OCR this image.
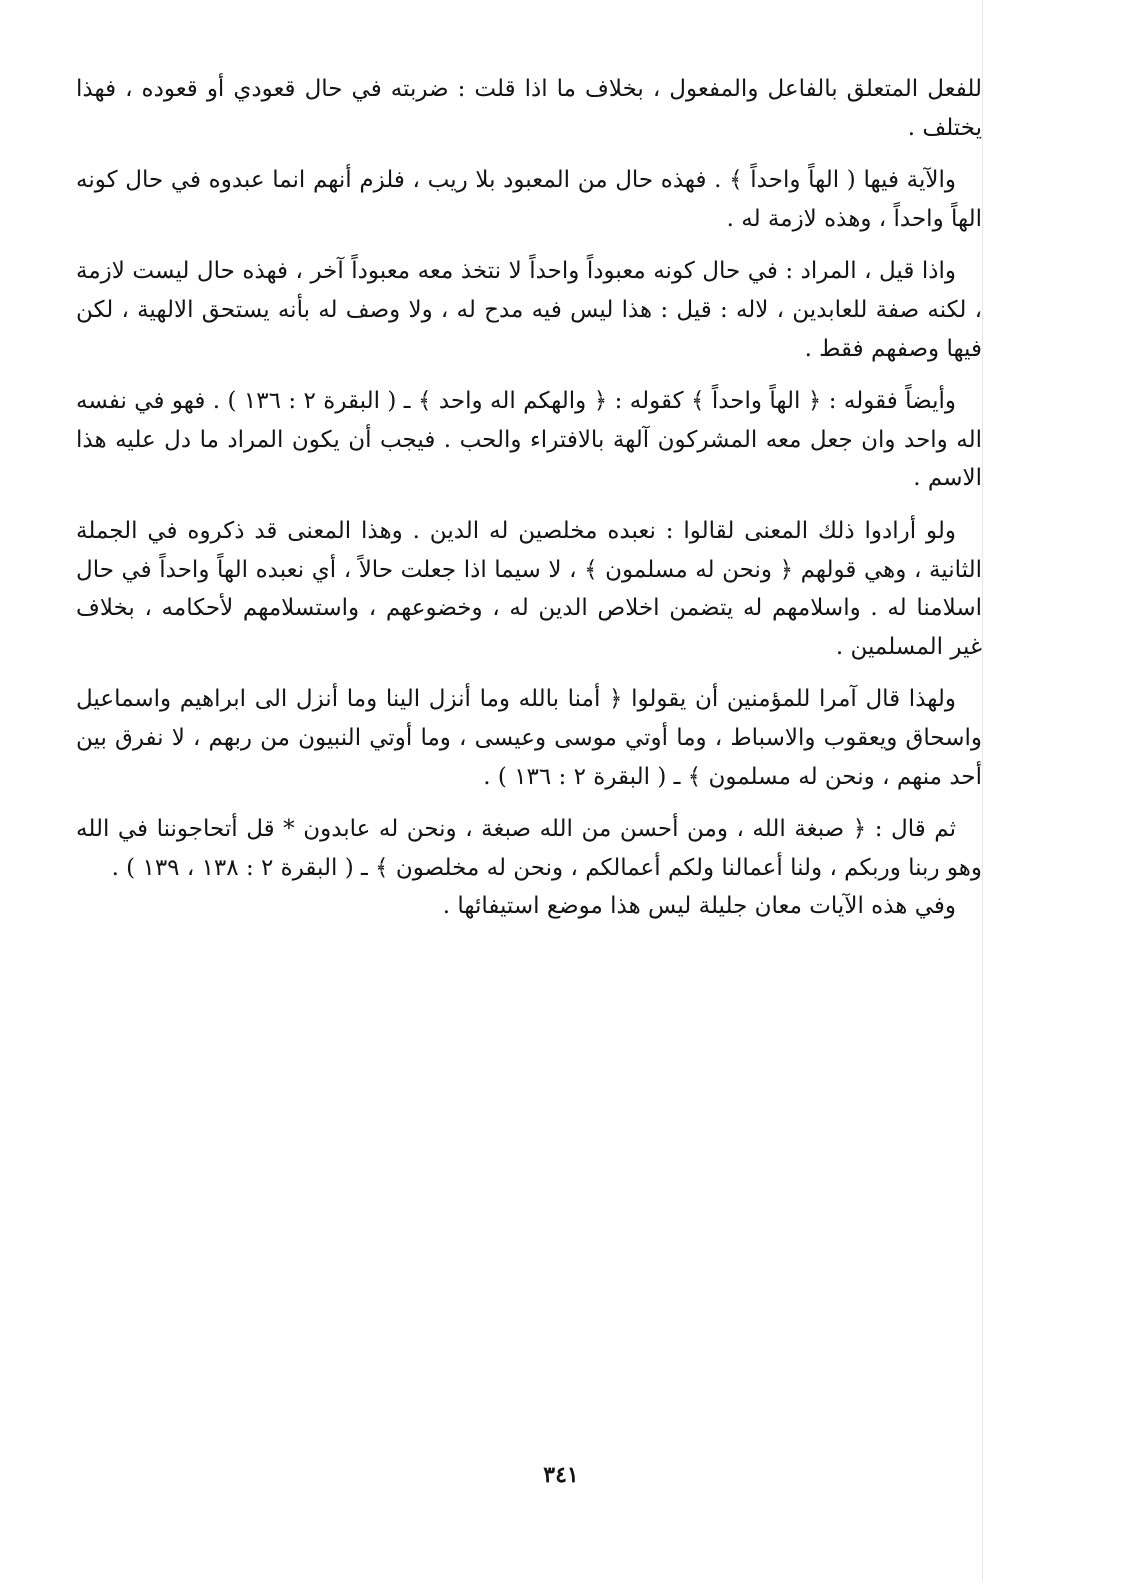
للفعل المتعلق بالفاعل والمفعول ، بخلاف ما اذا قلت : ضربته في حال قعودي أو قعوده ، فهذا يختلف .

والآية فيها ( الهاً واحداً ﴾ . فهذه حال من المعبود بلا ريب ، فلزم أنهم انما عبدوه في حال كونه الهاً واحداً ، وهذه لازمة له .

واذا قيل ، المراد : في حال كونه معبوداً واحداً لا نتخذ معه معبوداً آخر ، فهذه حال ليست لازمة ، لكنه صفة للعابدين ، لاله : قيل : هذا ليس فيه مدح له ، ولا وصف له بأنه يستحق الالهية ، لكن فيها وصفهم فقط .

وأيضاً فقوله : ﴿ الهاً واحداً ﴾ كقوله : ﴿ والهكم اله واحد ﴾ ـ ( البقرة ٢ : ١٣٦ ) . فهو في نفسه اله واحد وان جعل معه المشركون آلهة بالافتراء والحب . فيجب أن يكون المراد ما دل عليه هذا الاسم .

ولو أرادوا ذلك المعنى لقالوا : نعبده مخلصين له الدين . وهذا المعنى قد ذكروه في الجملة الثانية ، وهي قولهم ﴿ ونحن له مسلمون ﴾ ، لا سيما اذا جعلت حالاً ، أي نعبده الهاً واحداً في حال اسلامنا له . واسلامهم له يتضمن اخلاص الدين له ، وخضوعهم ، واستسلامهم لأحكامه ، بخلاف غير المسلمين .

ولهذا قال آمرا للمؤمنين أن يقولوا ﴿ أمنا بالله وما أنزل الينا وما أنزل الى ابراهيم واسماعيل واسحاق ويعقوب والاسباط ، وما أوتي موسى وعيسى ، وما أوتي النبيون من ربهم ، لا نفرق بين أحد منهم ، ونحن له مسلمون ﴾ ـ ( البقرة ٢ : ١٣٦ ) .

ثم قال : ﴿ صبغة الله ، ومن أحسن من الله صبغة ، ونحن له عابدون * قل أتحاجوننا في الله وهو ربنا وربكم ، ولنا أعمالنا ولكم أعمالكم ، ونحن له مخلصون ﴾ ـ ( البقرة ٢ : ١٣٨ ، ١٣٩ ) .

وفي هذه الآيات معان جليلة ليس هذا موضع استيفائها .

٣٤١
